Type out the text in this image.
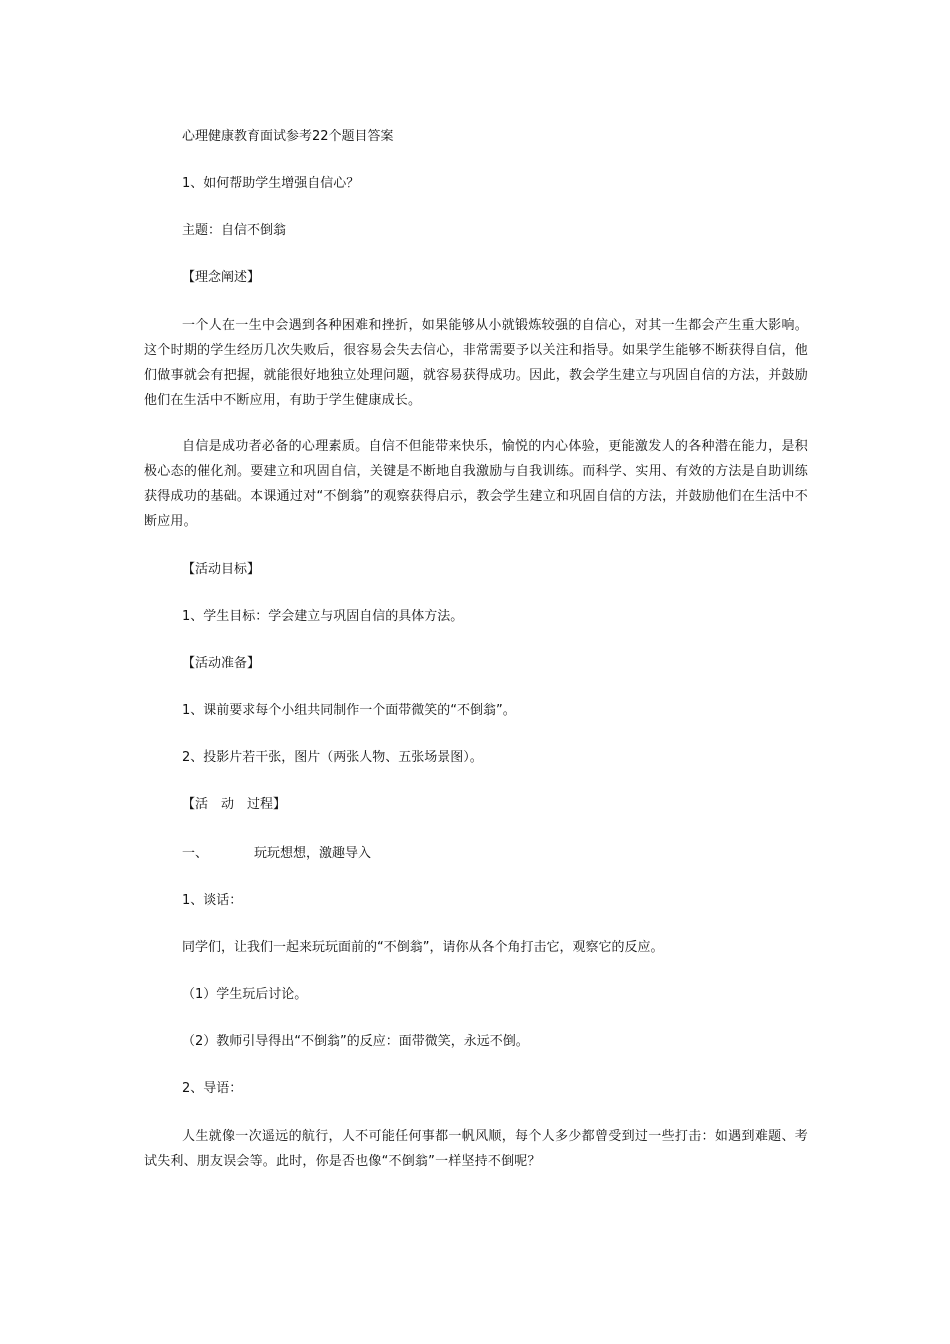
心理健康教育面试参考22个题目答案
1、如何帮助学生增强自信心？
主题：自信不倒翁
【理念阐述】
一个人在一生中会遇到各种困难和挫折，如果能够从小就锻炼较强的自信心，对其一生都会产生重大影响。这个时期的学生经历几次失败后，很容易会失去信心，非常需要予以关注和指导。如果学生能够不断获得自信，他们做事就会有把握，就能很好地独立处理问题，就容易获得成功。因此，教会学生建立与巩固自信的方法，并鼓励他们在生活中不断应用，有助于学生健康成长。
自信是成功者必备的心理素质。自信不但能带来快乐，愉悦的内心体验，更能激发人的各种潜在能力，是积极心态的催化剂。要建立和巩固自信，关键是不断地自我激励与自我训练。而科学、实用、有效的方法是自助训练获得成功的基础。本课通过对“不倒翁”的观察获得启示，教会学生建立和巩固自信的方法，并鼓励他们在生活中不断应用。
【活动目标】
1、学生目标：学会建立与巩固自信的具体方法。
【活动准备】
1、课前要求每个小组共同制作一个面带微笑的“不倒翁”。
2、投影片若干张，图片（两张人物、五张场景图）。
【活　动　过程】
一、	玩玩想想，激趣导入
1、谈话：
同学们，让我们一起来玩玩面前的“不倒翁”，请你从各个角打击它，观察它的反应。
（1）学生玩后讨论。
（2）教师引导得出“不倒翁”的反应：面带微笑，永远不倒。
2、导语：
人生就像一次遥远的航行，人不可能任何事都一帆风顺，每个人多少都曾受到过一些打击：如遇到难题、考试失利、朋友误会等。此时，你是否也像“不倒翁”一样坚持不倒呢？
